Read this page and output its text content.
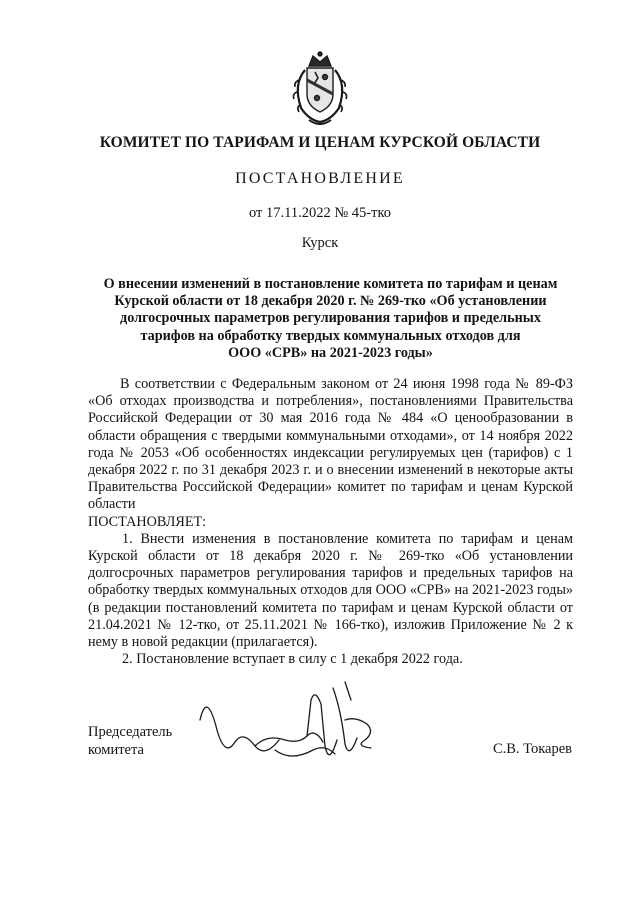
КОМИТЕТ ПО ТАРИФАМ И ЦЕНАМ КУРСКОЙ ОБЛАСТИ
ПОСТАНОВЛЕНИЕ
от 17.11.2022 № 45-тко
Курск
О внесении изменений в постановление комитета по тарифам и ценам
Курской области от 18 декабря 2020 г. № 269-тко «Об установлении
долгосрочных параметров регулирования тарифов и предельных
тарифов на обработку твердых коммунальных отходов для
ООО «СРВ» на 2021-2023 годы»

В соответствии с Федеральным законом от 24 июня 1998 года № 89-ФЗ «Об отходах производства и потребления», постановлениями Правительства Российской Федерации от 30 мая 2016 года № 484 «О ценообразовании в области обращения с твердыми коммунальными отходами», от 14 ноября 2022 года № 2053 «Об особенностях индексации регулируемых цен (тарифов) с 1 декабря 2022 г. по 31 декабря 2023 г. и о внесении изменений в некоторые акты Правительства Российской Федерации» комитет по тарифам и ценам Курской области

ПОСТАНОВЛЯЕТ:

1. Внести изменения в постановление комитета по тарифам и ценам Курской области от 18 декабря 2020 г. № 269-тко «Об установлении долгосрочных параметров регулирования тарифов и предельных тарифов на обработку твердых коммунальных отходов для ООО «СРВ» на 2021-2023 годы» (в редакции постановлений комитета по тарифам и ценам Курской области от 21.04.2021 № 12-тко, от 25.11.2021 № 166-тко), изложив Приложение № 2 к нему в новой редакции (прилагается).

2. Постановление вступает в силу с 1 декабря 2022 года.

Председатель
комитета	С.В. Токарев
